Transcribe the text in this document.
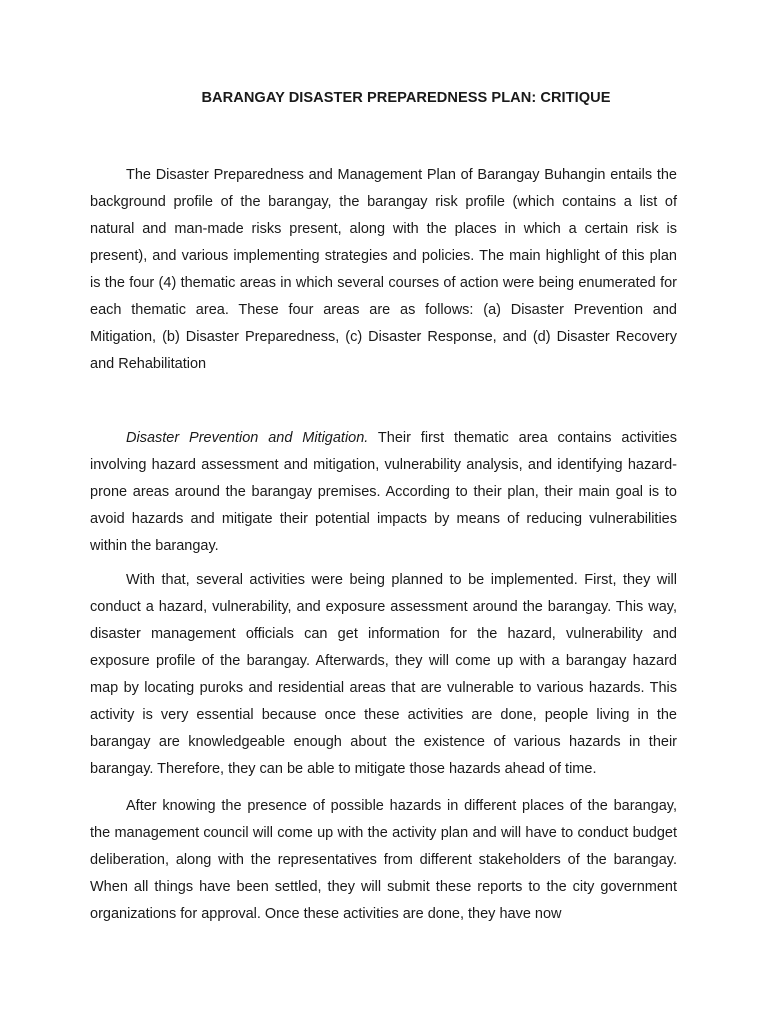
BARANGAY DISASTER PREPAREDNESS PLAN: CRITIQUE

The Disaster Preparedness and Management Plan of Barangay Buhangin entails the background profile of the barangay, the barangay risk profile (which contains a list of natural and man-made risks present, along with the places in which a certain risk is present), and various implementing strategies and policies. The main highlight of this plan is the four (4) thematic areas in which several courses of action were being enumerated for each thematic area. These four areas are as follows: (a) Disaster Prevention and Mitigation, (b) Disaster Preparedness, (c) Disaster Response, and (d) Disaster Recovery and Rehabilitation

Disaster Prevention and Mitigation. Their first thematic area contains activities involving hazard assessment and mitigation, vulnerability analysis, and identifying hazard-prone areas around the barangay premises. According to their plan, their main goal is to avoid hazards and mitigate their potential impacts by means of reducing vulnerabilities within the barangay.

With that, several activities were being planned to be implemented. First, they will conduct a hazard, vulnerability, and exposure assessment around the barangay. This way, disaster management officials can get information for the hazard, vulnerability and exposure profile of the barangay. Afterwards, they will come up with a barangay hazard map by locating puroks and residential areas that are vulnerable to various hazards. This activity is very essential because once these activities are done, people living in the barangay are knowledgeable enough about the existence of various hazards in their barangay. Therefore, they can be able to mitigate those hazards ahead of time.

After knowing the presence of possible hazards in different places of the barangay, the management council will come up with the activity plan and will have to conduct budget deliberation, along with the representatives from different stakeholders of the barangay. When all things have been settled, they will submit these reports to the city government organizations for approval. Once these activities are done, they have now
